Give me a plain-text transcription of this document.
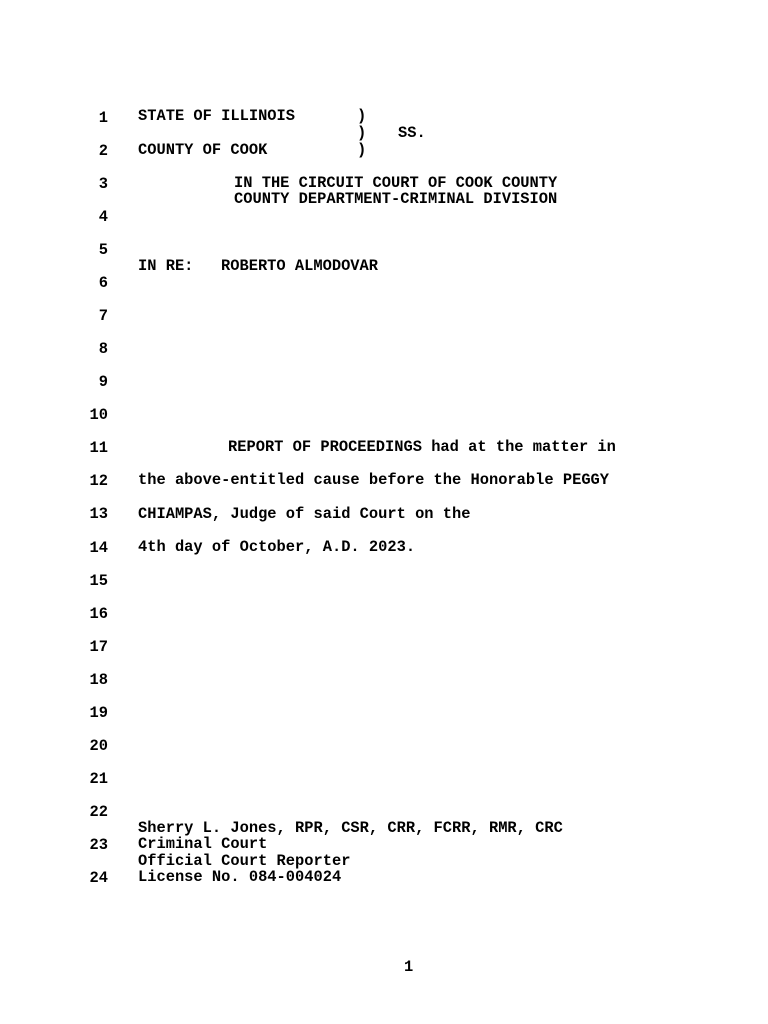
1
2
3
4
5
6
7
8
9
10
11
12
13
14
15
16
17
18
19
20
21
22
23
24
STATE OF ILLINOIS	)
) SS.
COUNTY OF COOK	)
IN THE CIRCUIT COURT OF COOK COUNTY
COUNTY DEPARTMENT-CRIMINAL DIVISION
IN RE: ROBERTO ALMODOVAR
REPORT OF PROCEEDINGS had at the matter in
the above-entitled cause before the Honorable PEGGY
CHIAMPAS, Judge of said Court on the
4th day of October, A.D. 2023.
Sherry L. Jones, RPR, CSR, CRR, FCRR, RMR, CRC
Criminal Court
Official Court Reporter
License No. 084-004024
1
